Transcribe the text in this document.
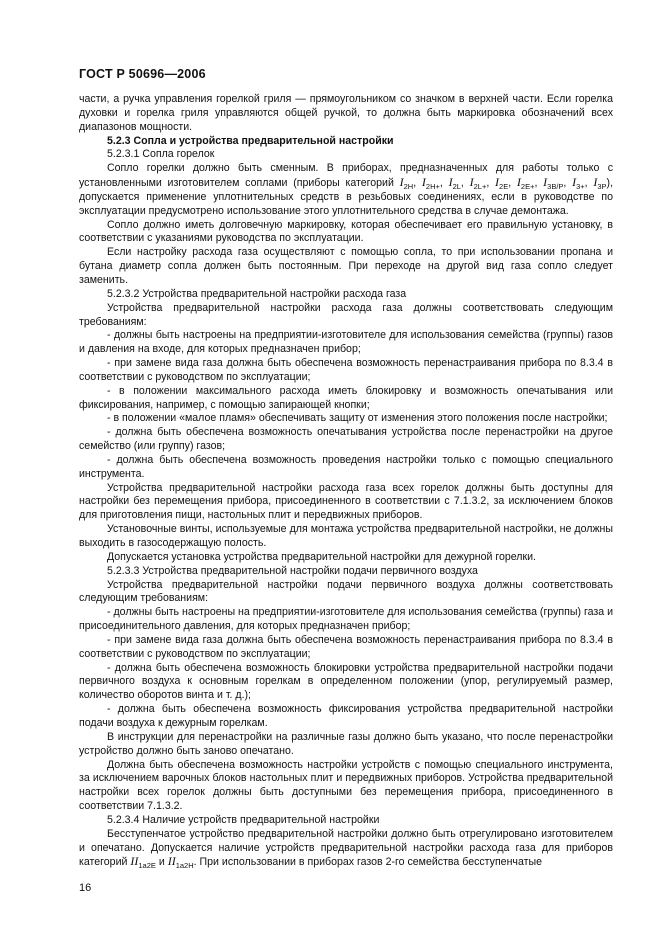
ГОСТ Р 50696—2006

части, а ручка управления горелкой гриля — прямоугольником со значком в верхней части. Если горелка духовки и горелка гриля управляются общей ручкой, то должна быть маркировка обозначений всех диапазонов мощности.

5.2.3 Сопла и устройства предварительной настройки

5.2.3.1 Сопла горелок

Сопло горелки должно быть сменным. В приборах, предназначенных для работы только с установленными изготовителем соплами (приборы категорий $I_{2H}$, $I_{2H+}$, $I_{2L}$, $I_{2L+}$, $I_{2E}$, $I_{2E+}$, $I_{3B/P}$, $I_{3+}$, $I_{3P}$), допускается применение уплотнительных средств в резьбовых соединениях, если в руководстве по эксплуатации предусмотрено использование этого уплотнительного средства в случае демонтажа.

Сопло должно иметь долговечную маркировку, которая обеспечивает его правильную установку, в соответствии с указаниями руководства по эксплуатации.

Если настройку расхода газа осуществляют с помощью сопла, то при использовании пропана и бутана диаметр сопла должен быть постоянным. При переходе на другой вид газа сопло следует заменить.

5.2.3.2 Устройства предварительной настройки расхода газа

Устройства предварительной настройки расхода газа должны соответствовать следующим требованиям:

- должны быть настроены на предприятии-изготовителе для использования семейства (группы) газов и давления на входе, для которых предназначен прибор;

- при замене вида газа должна быть обеспечена возможность перенастраивания прибора по 8.3.4 в соответствии с руководством по эксплуатации;

- в положении максимального расхода иметь блокировку и возможность опечатывания или фиксирования, например, с помощью запирающей кнопки;

- в положении «малое пламя» обеспечивать защиту от изменения этого положения после настройки;

- должна быть обеспечена возможность опечатывания устройства после перенастройки на другое семейство (или группу) газов;

- должна быть обеспечена возможность проведения настройки только с помощью специального инструмента.

Устройства предварительной настройки расхода газа всех горелок должны быть доступны для настройки без перемещения прибора, присоединенного в соответствии с 7.1.3.2, за исключением блоков для приготовления пищи, настольных плит и передвижных приборов.

Установочные винты, используемые для монтажа устройства предварительной настройки, не должны выходить в газосодержащую полость.

Допускается установка устройства предварительной настройки для дежурной горелки.

5.2.3.3 Устройства предварительной настройки подачи первичного воздуха

Устройства предварительной настройки подачи первичного воздуха должны соответствовать следующим требованиям:

- должны быть настроены на предприятии-изготовителе для использования семейства (группы) газа и присоединительного давления, для которых предназначен прибор;

- при замене вида газа должна быть обеспечена возможность перенастраивания прибора по 8.3.4 в соответствии с руководством по эксплуатации;

- должна быть обеспечена возможность блокировки устройства предварительной настройки подачи первичного воздуха к основным горелкам в определенном положении (упор, регулируемый размер, количество оборотов винта и т. д.);

- должна быть обеспечена возможность фиксирования устройства предварительной настройки подачи воздуха к дежурным горелкам.

В инструкции для перенастройки на различные газы должно быть указано, что после перенастройки устройство должно быть заново опечатано.

Должна быть обеспечена возможность настройки устройств с помощью специального инструмента, за исключением варочных блоков настольных плит и передвижных приборов. Устройства предварительной настройки всех горелок должны быть доступными без перемещения прибора, присоединенного в соответствии 7.1.3.2.

5.2.3.4 Наличие устройств предварительной настройки

Бесступенчатое устройство предварительной настройки должно быть отрегулировано изготовителем и опечатано. Допускается наличие устройств предварительной настройки расхода газа для приборов категорий $II_{1a2E}$ и $II_{1a2H}$. При использовании в приборах газов 2-го семейства бесступенчатые

16
